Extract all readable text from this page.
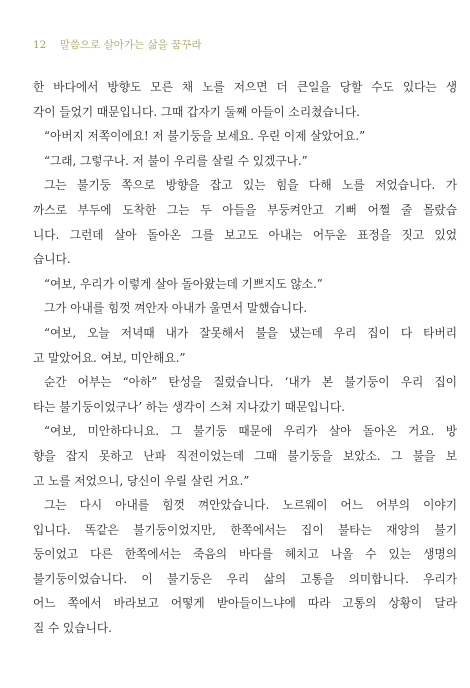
12 말씀으로 살아가는 삶을 꿈꾸라
한 바다에서 방향도 모른 채 노를 저으면 더 큰일을 당할 수도 있다는 생
각이 들었기 때문입니다. 그때 갑자기 둘째 아들이 소리쳤습니다.
“아버지 저쪽이에요! 저 불기둥을 보세요. 우린 이제 살았어요.”
“그래, 그렇구나. 저 불이 우리를 살릴 수 있겠구나.”
그는 불기둥 쪽으로 방향을 잡고 있는 힘을 다해 노를 저었습니다. 가
까스로 부두에 도착한 그는 두 아들을 부둥켜안고 기뻐 어쩔 줄 몰랐습
니다. 그런데 살아 돌아온 그를 보고도 아내는 어두운 표정을 짓고 있었
습니다.
“여보, 우리가 이렇게 살아 돌아왔는데 기쁘지도 않소.”
그가 아내를 힘껏 껴안자 아내가 울면서 말했습니다.
“여보, 오늘 저녁때 내가 잘못해서 불을 냈는데 우리 집이 다 타버리
고 말았어요. 여보, 미안해요.”
순간 어부는 “아하” 탄성을 질렀습니다. ‘내가 본 불기둥이 우리 집이
타는 불기둥이었구나’ 하는 생각이 스쳐 지나갔기 때문입니다.
“여보, 미안하다니요. 그 불기둥 때문에 우리가 살아 돌아온 거요. 방
향을 잡지 못하고 난파 직전이었는데 그때 불기둥을 보았소. 그 불을 보
고 노를 저었으니, 당신이 우릴 살린 거요.”
그는 다시 아내를 힘껏 껴안았습니다. 노르웨이 어느 어부의 이야기
입니다. 똑같은 불기둥이었지만, 한쪽에서는 집이 불타는 재앙의 불기
둥이었고 다른 한쪽에서는 죽음의 바다를 헤치고 나올 수 있는 생명의
불기둥이었습니다. 이 불기둥은 우리 삶의 고통을 의미합니다. 우리가
어느 쪽에서 바라보고 어떻게 받아들이느냐에 따라 고통의 상황이 달라
질 수 있습니다.
